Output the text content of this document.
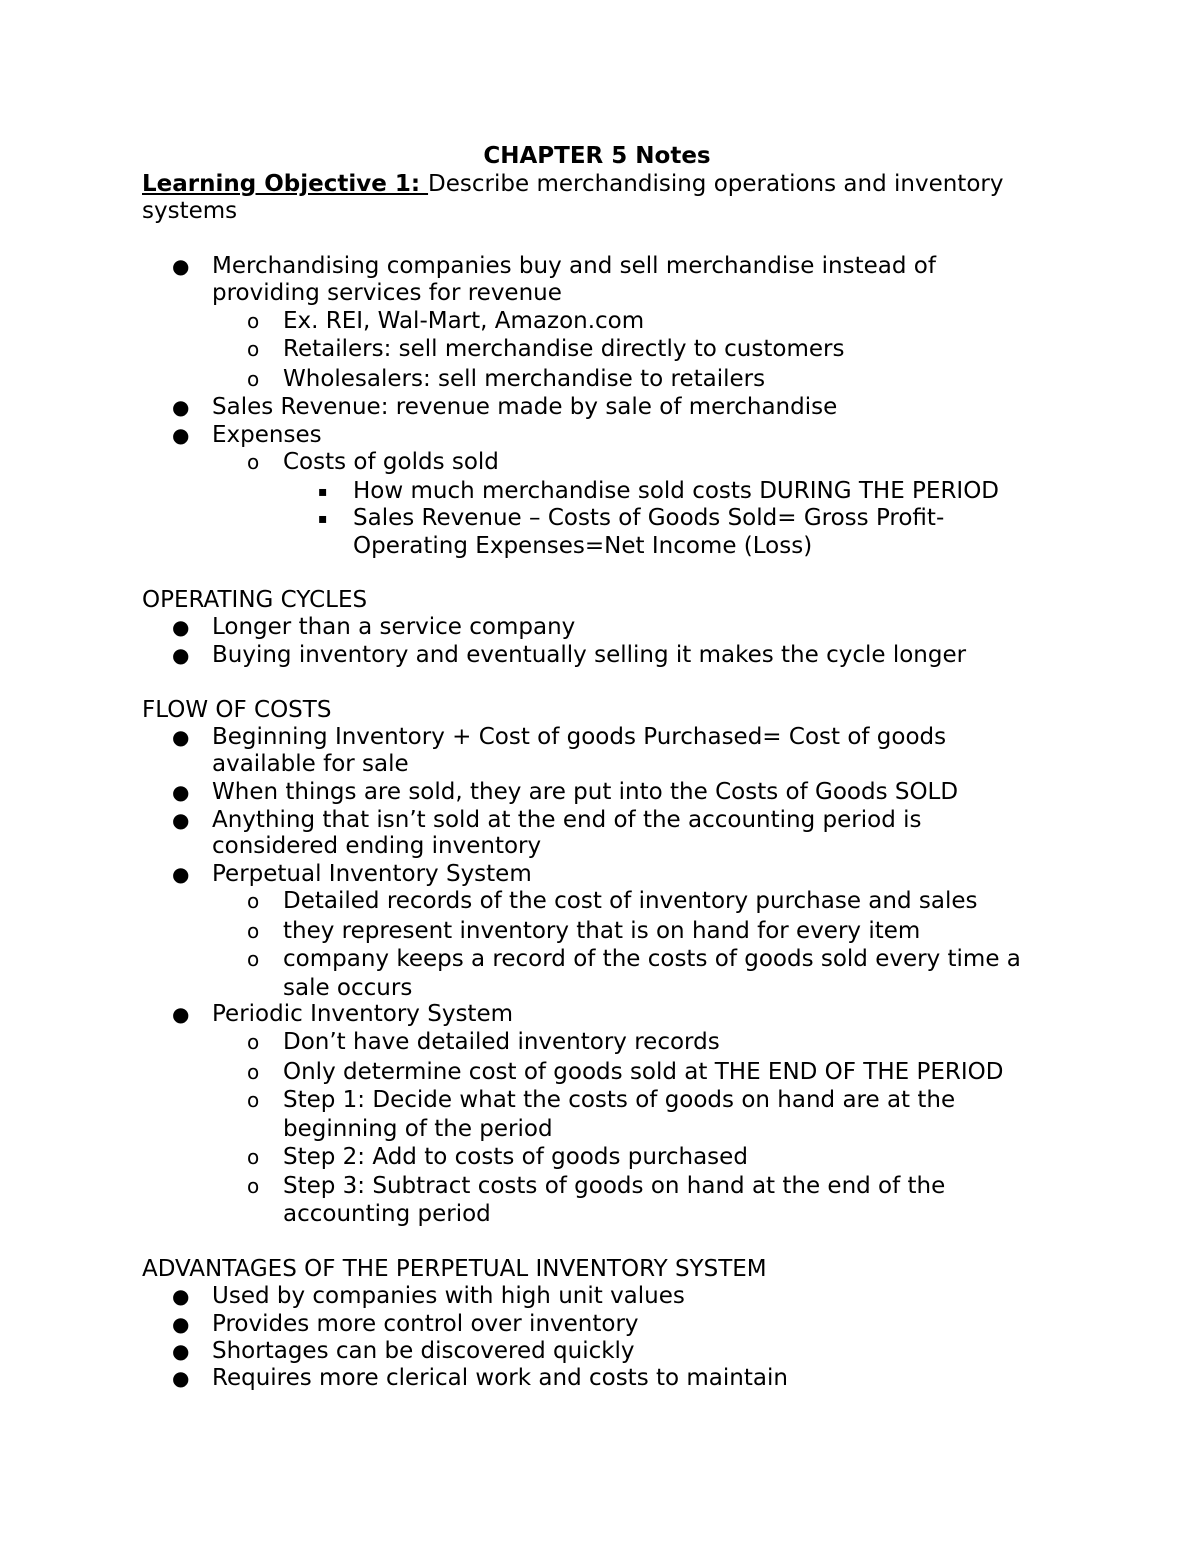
CHAPTER 5 Notes
Learning Objective 1: Describe merchandising operations and inventory
systems
● Merchandising companies buy and sell merchandise instead of
providing services for revenue
o Ex. REI, Wal-Mart, Amazon.com
o Retailers: sell merchandise directly to customers
o Wholesalers: sell merchandise to retailers
● Sales Revenue: revenue made by sale of merchandise
● Expenses
o Costs of golds sold
▪ How much merchandise sold costs DURING THE PERIOD
▪ Sales Revenue – Costs of Goods Sold= Gross Profit-
Operating Expenses=Net Income (Loss)
OPERATING CYCLES
● Longer than a service company
● Buying inventory and eventually selling it makes the cycle longer
FLOW OF COSTS
● Beginning Inventory + Cost of goods Purchased= Cost of goods
available for sale
● When things are sold, they are put into the Costs of Goods SOLD
● Anything that isn’t sold at the end of the accounting period is
considered ending inventory
● Perpetual Inventory System
o Detailed records of the cost of inventory purchase and sales
o they represent inventory that is on hand for every item
o company keeps a record of the costs of goods sold every time a
sale occurs
● Periodic Inventory System
o Don’t have detailed inventory records
o Only determine cost of goods sold at THE END OF THE PERIOD
o Step 1: Decide what the costs of goods on hand are at the
beginning of the period
o Step 2: Add to costs of goods purchased
o Step 3: Subtract costs of goods on hand at the end of the
accounting period
ADVANTAGES OF THE PERPETUAL INVENTORY SYSTEM
● Used by companies with high unit values
● Provides more control over inventory
● Shortages can be discovered quickly
● Requires more clerical work and costs to maintain
